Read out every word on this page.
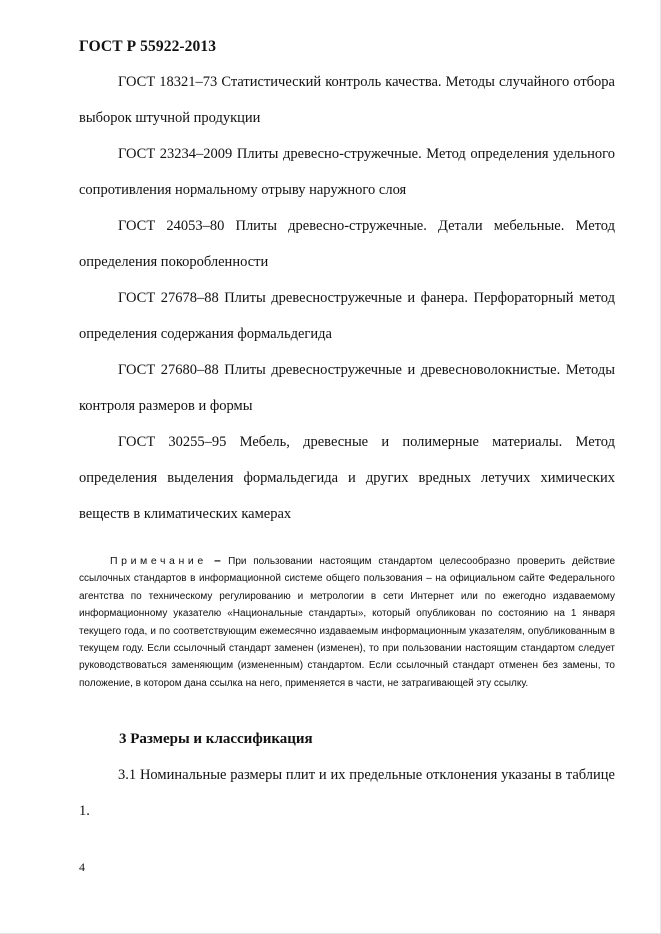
ГОСТ Р 55922-2013

ГОСТ 18321–73 Статистический контроль качества. Методы случайного отбора выборок штучной продукции

ГОСТ 23234–2009 Плиты древесно-стружечные. Метод определения удельного сопротивления нормальному отрыву наружного слоя

ГОСТ 24053–80 Плиты древесно-стружечные. Детали мебельные. Метод определения покоробленности

ГОСТ 27678–88 Плиты древесностружечные и фанера. Перфораторный метод определения содержания формальдегида

ГОСТ 27680–88 Плиты древесностружечные и древесноволокнистые. Методы контроля размеров и формы

ГОСТ 30255–95 Мебель, древесные и полимерные материалы. Метод определения выделения формальдегида и других вредных летучих химических веществ в климатических камерах

Примечание – При пользовании настоящим стандартом целесообразно проверить действие ссылочных стандартов в информационной системе общего пользования – на официальном сайте Федерального агентства по техническому регулированию и метрологии в сети Интернет или по ежегодно издаваемому информационному указателю «Национальные стандарты», который опубликован по состоянию на 1 января текущего года, и по соответствующим ежемесячно издаваемым информационным указателям, опубликованным в текущем году. Если ссылочный стандарт заменен (изменен), то при пользовании настоящим стандартом следует руководствоваться заменяющим (измененным) стандартом. Если ссылочный стандарт отменен без замены, то положение, в котором дана ссылка на него, применяется в части, не затрагивающей эту ссылку.

3 Размеры и классификация

3.1 Номинальные размеры плит и их предельные отклонения указаны в таблице 1.

4
